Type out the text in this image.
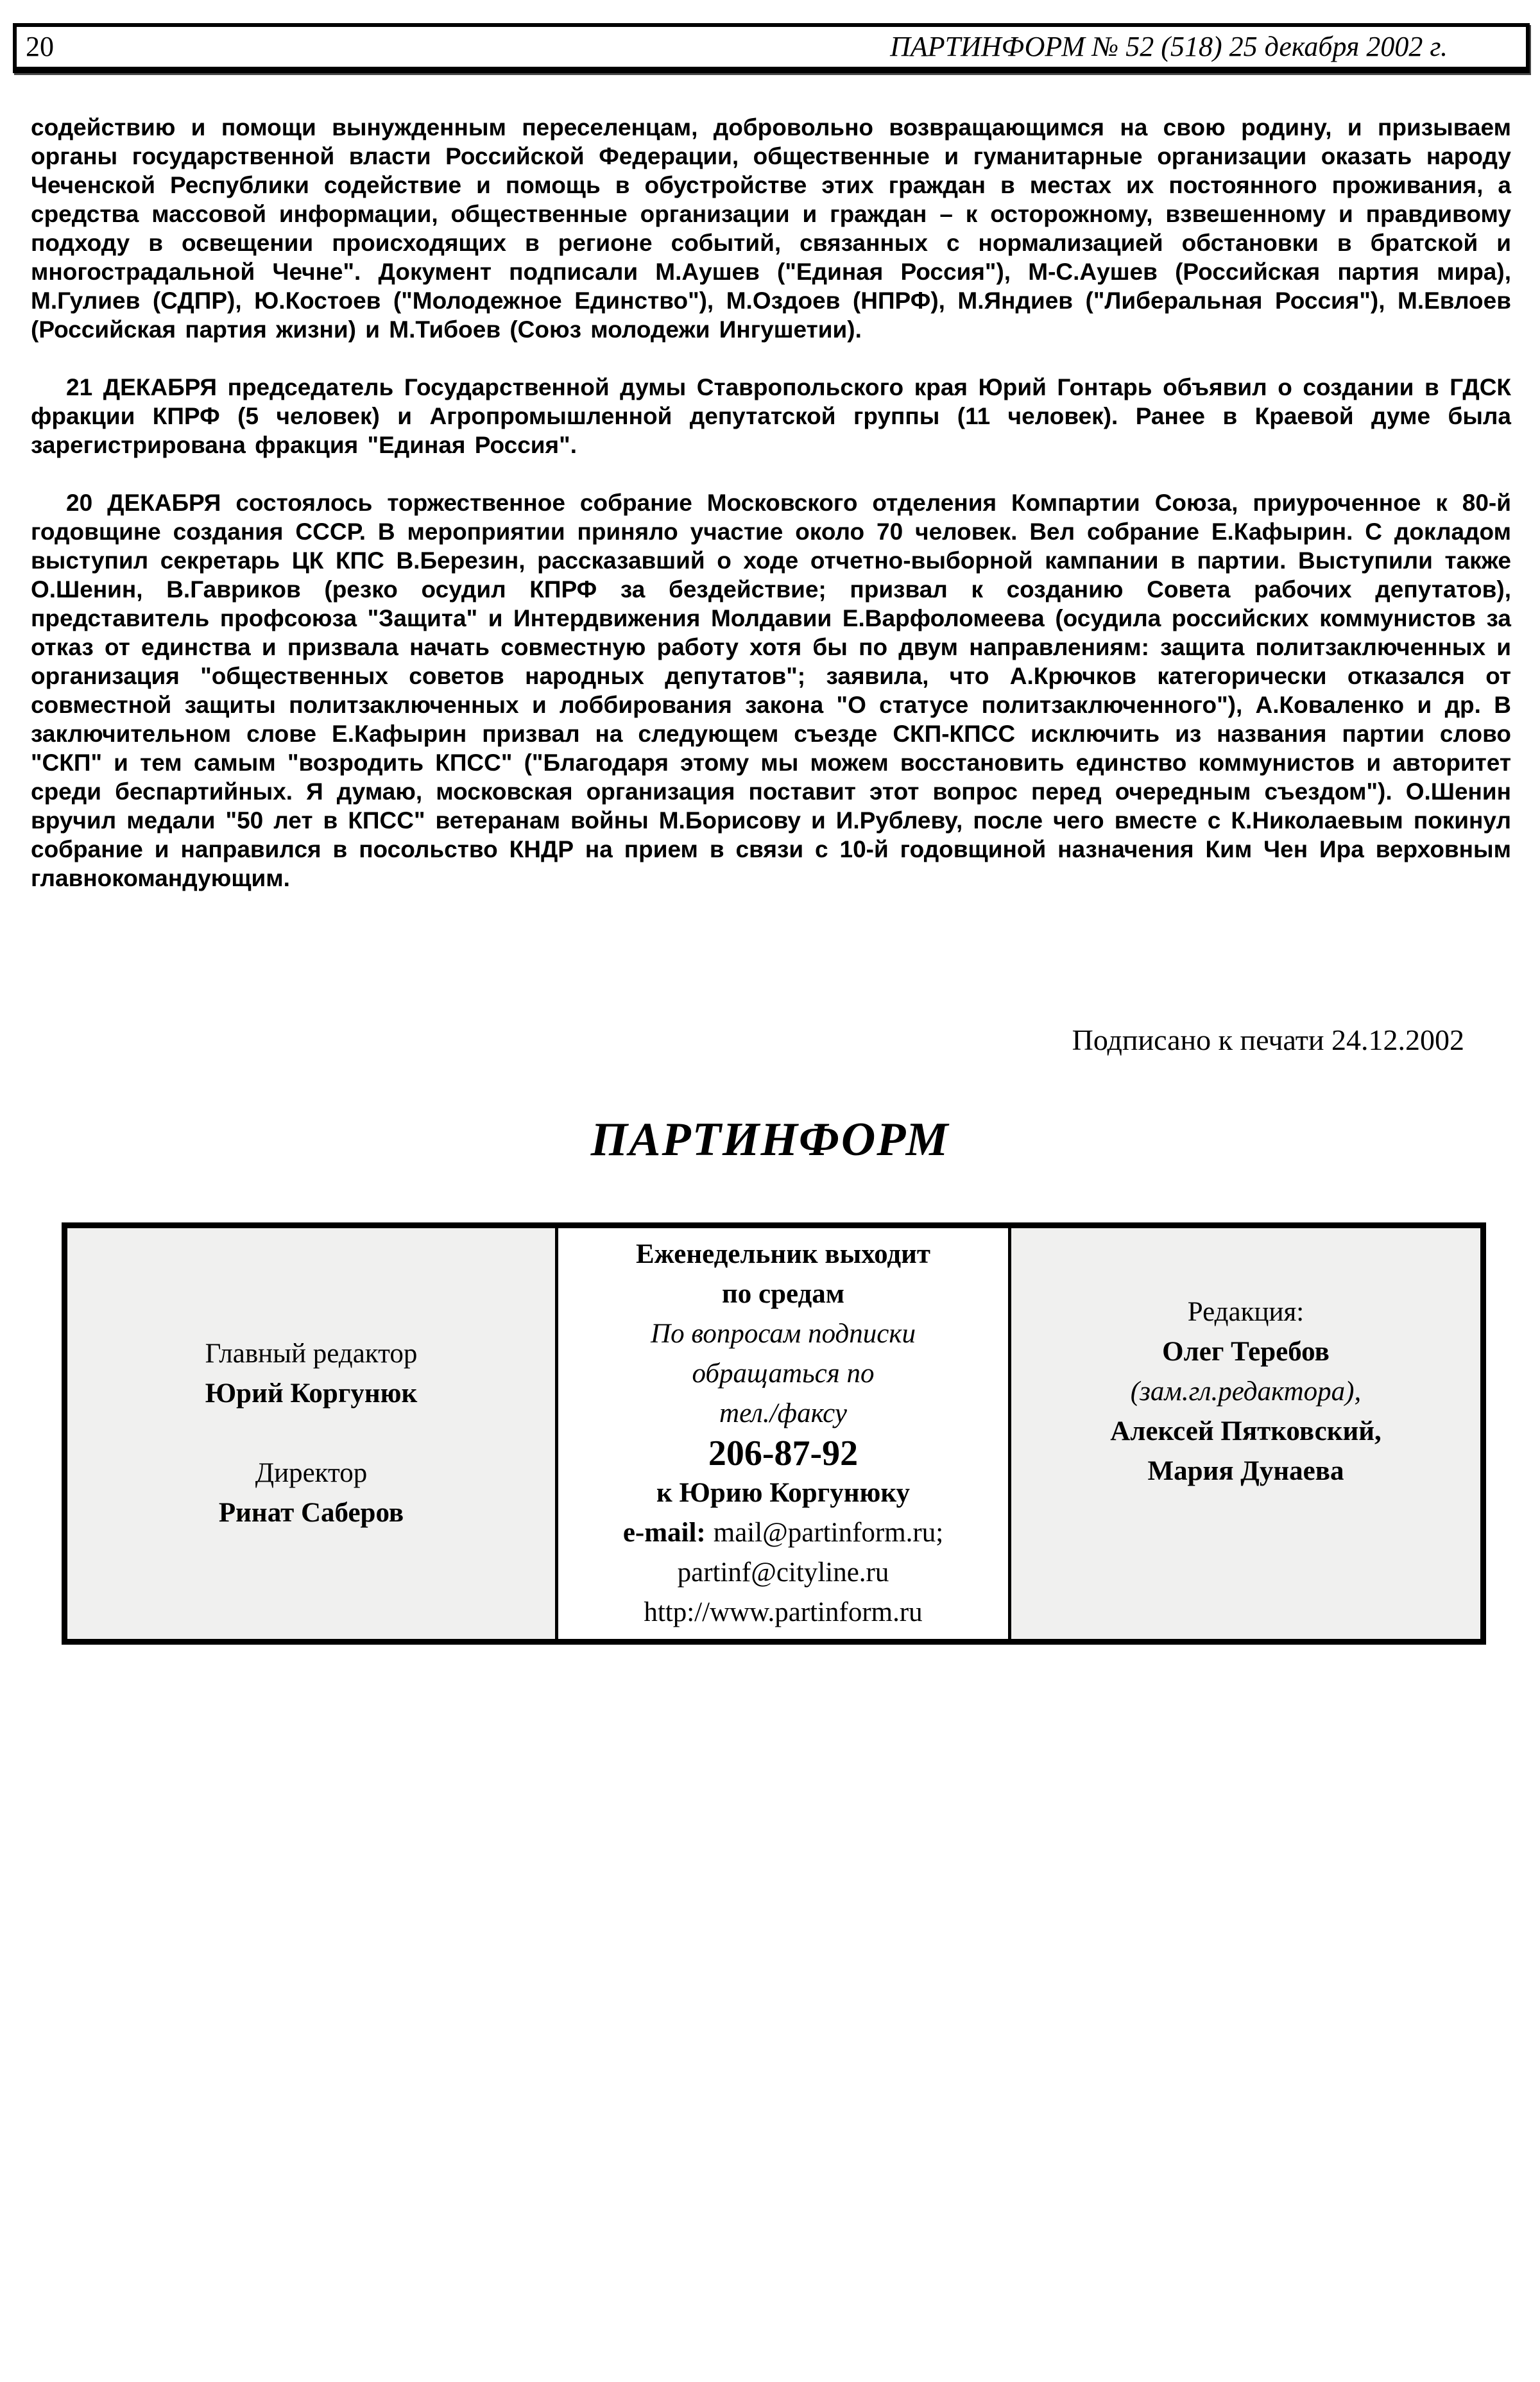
20	ПАРТИНФОРМ № 52 (518) 25 декабря 2002 г.

содействию и помощи вынужденным переселенцам, добровольно возвращающимся на свою родину, и призываем органы государственной власти Российской Федерации, общественные и гуманитарные организации оказать народу Чеченской Республики содействие и помощь в обустройстве этих граждан в местах их постоянного проживания, а средства массовой информации, общественные организации и граждан – к осторожному, взвешенному и правдивому подходу в освещении происходящих в регионе событий, связанных с нормализацией обстановки в братской и многострадальной Чечне". Документ подписали М.Аушев ("Единая Россия"), М-С.Аушев (Российская партия мира), М.Гулиев (СДПР), Ю.Костоев ("Молодежное Единство"), М.Оздоев (НПРФ), М.Яндиев ("Либеральная Россия"), М.Евлоев (Российская партия жизни) и М.Тибоев (Союз молодежи Ингушетии).

21 ДЕКАБРЯ председатель Государственной думы Ставропольского края Юрий Гонтарь объявил о создании в ГДСК фракции КПРФ (5 человек) и Агропромышленной депутатской группы (11 человек). Ранее в Краевой думе была зарегистрирована фракция "Единая Россия".

20 ДЕКАБРЯ состоялось торжественное собрание Московского отделения Компартии Союза, приуроченное к 80-й годовщине создания СССР. В мероприятии приняло участие около 70 человек. Вел собрание Е.Кафырин. С докладом выступил секретарь ЦК КПС В.Березин, рассказавший о ходе отчетно-выборной кампании в партии. Выступили также О.Шенин, В.Гавриков (резко осудил КПРФ за бездействие; призвал к созданию Совета рабочих депутатов), представитель профсоюза "Защита" и Интердвижения Молдавии Е.Варфоломеева (осудила российских коммунистов за отказ от единства и призвала начать совместную работу хотя бы по двум направлениям: защита политзаключенных и организация "общественных советов народных депутатов"; заявила, что А.Крючков категорически отказался от совместной защиты политзаключенных и лоббирования закона "О статусе политзаключенного"), А.Коваленко и др. В заключительном слове Е.Кафырин призвал на следующем съезде СКП-КПСС исключить из названия партии слово "СКП" и тем самым "возродить КПСС" ("Благодаря этому мы можем восстановить единство коммунистов и авторитет среди беспартийных. Я думаю, московская организация поставит этот вопрос перед очередным съездом"). О.Шенин вручил медали "50 лет в КПСС" ветеранам войны М.Борисову и И.Рублеву, после чего вместе с К.Николаевым покинул собрание и направился в посольство КНДР на прием в связи с 10-й годовщиной назначения Ким Чен Ира верховным главнокомандующим.

Подписано к печати 24.12.2002
ПАРТИНФОРМ
Главный редактор
Юрий Коргунюк
Директор
Ринат Саберов
Еженедельник выходит
по средам
По вопросам подписки
обращаться по
тел./факсу
206-87-92
к Юрию Коргунюку
e-mail: mail@partinform.ru;
partinf@cityline.ru
http://www.partinform.ru
Редакция:
Олег Теребов
(зам.гл.редактора),
Алексей Пятковский,
Мария Дунаева
